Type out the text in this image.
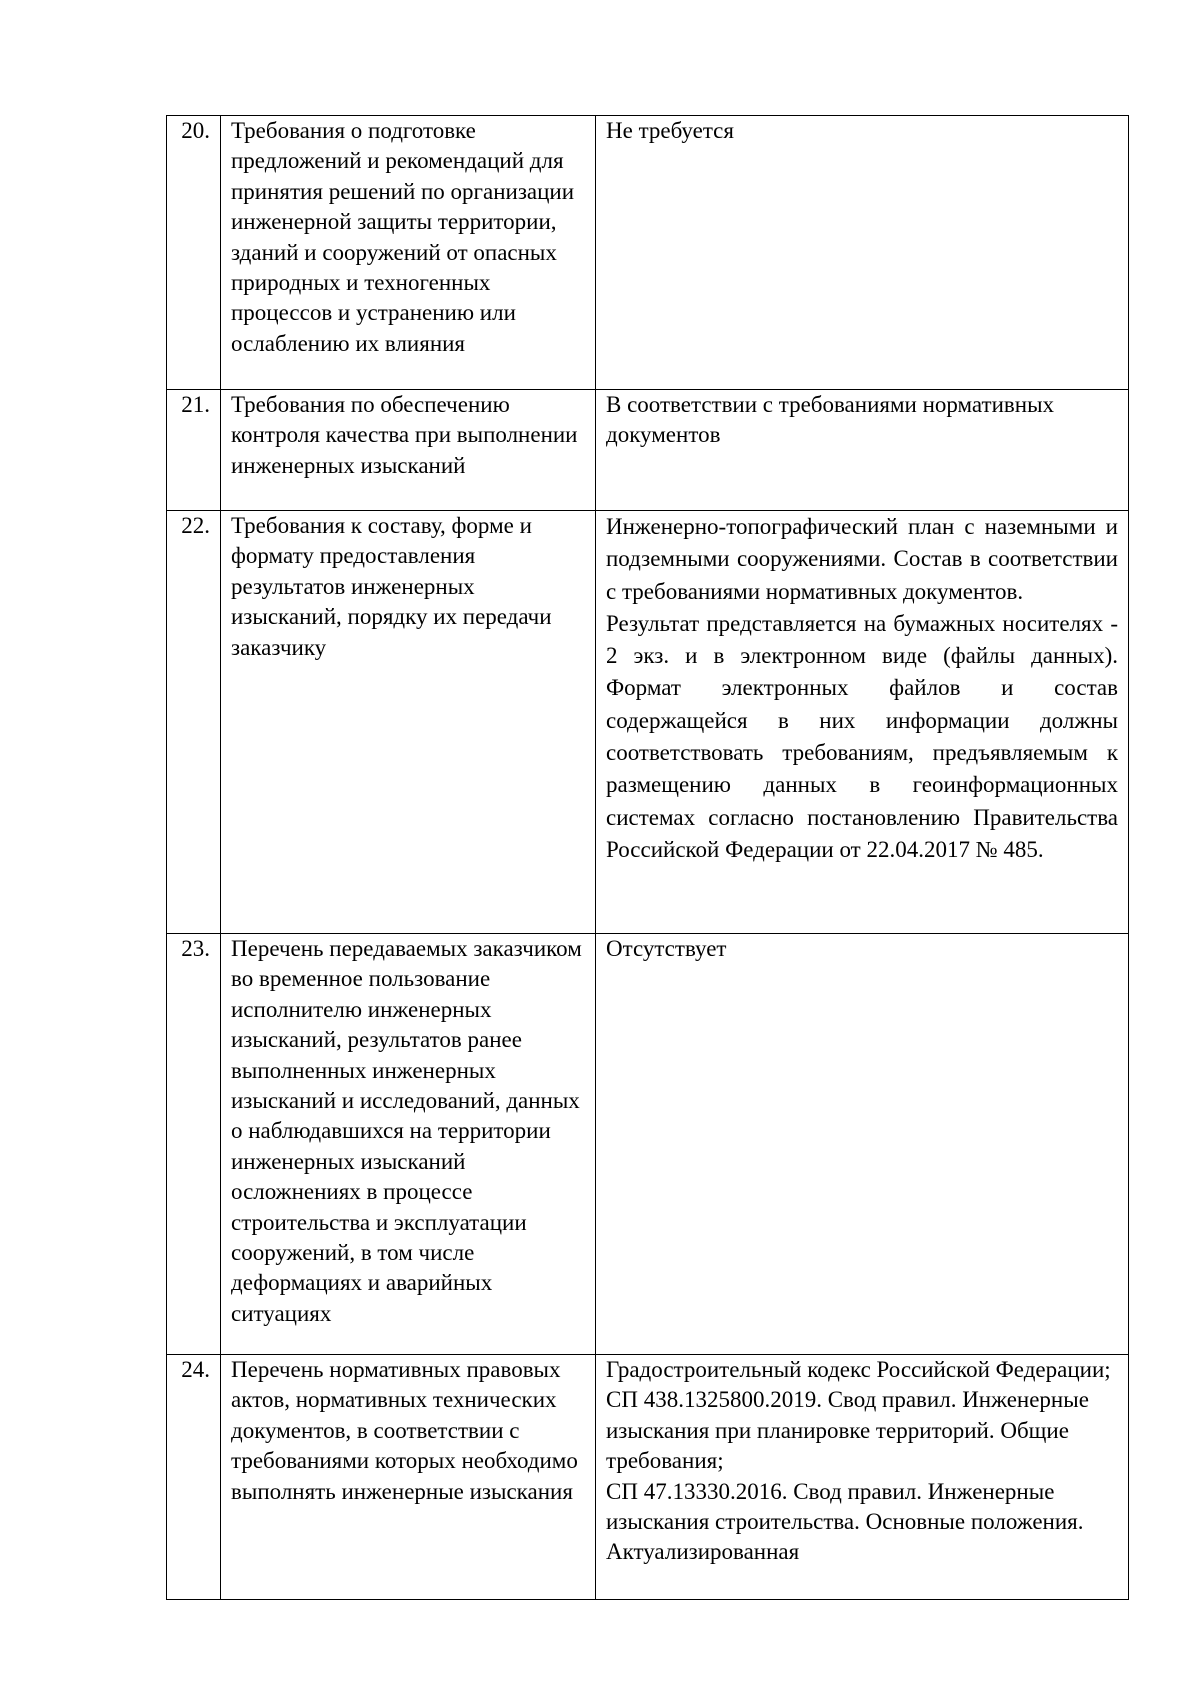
20.	Требования о подготовке предложений и рекомендаций для принятия решений по организации инженерной защиты территории, зданий и сооружений от опасных природных и техногенных процессов и устранению или ослаблению их влияния	Не требуется

21.	Требования по обеспечению контроля качества при выполнении инженерных изысканий	В соответствии с требованиями нормативных документов

22.	Требования к составу, форме и формату предоставления результатов инженерных изысканий, порядку их передачи заказчику	Инженерно-топографический план с наземными и подземными сооружениями. Состав в соответствии с требованиями нормативных документов.
Результат представляется на бумажных носителях - 2 экз. и в электронном виде (файлы данных). Формат электронных файлов и состав содержащейся в них информации должны соответствовать требованиям, предъявляемым к размещению данных в геоинформационных системах согласно постановлению Правительства Российской Федерации от 22.04.2017 № 485.

23.	Перечень передаваемых заказчиком во временное пользование исполнителю инженерных изысканий, результатов ранее выполненных инженерных изысканий и исследований, данных о наблюдавшихся на территории инженерных изысканий осложнениях в процессе строительства и эксплуатации сооружений, в том числе деформациях и аварийных ситуациях	Отсутствует

24.	Перечень нормативных правовых актов, нормативных технических документов, в соответствии с требованиями которых необходимо выполнять инженерные изыскания	Градостроительный кодекс Российской Федерации;
СП 438.1325800.2019. Свод правил. Инженерные изыскания при планировке территорий. Общие требования;
СП 47.13330.2016. Свод правил. Инженерные изыскания строительства. Основные положения. Актуализированная
